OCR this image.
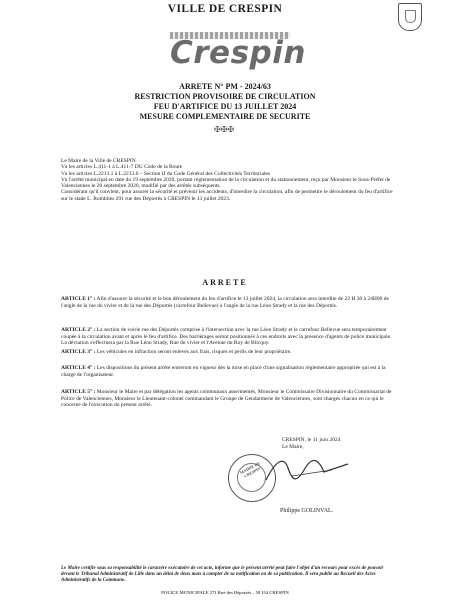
VILLE DE CRESPIN
Crespin
ARRETE N° PM - 2024/63
RESTRICTION PROVISOIRE DE CIRCULATION
FEU D'ARTIFICE DU 13 JUILLET 2024
MESURE COMPLEMENTAIRE DE SECURITE
✠✠✠

Le Maire de la Ville de CRESPIN

Vu les articles L.411-1 à L.411-7 DU Code de la Route

Vu les articles L.2213.1 à L.2213.6 – Section II du Code Général des Collectivités Territoriales

Vu l'arrêté municipal en date du 19 septembre 2020, portant réglementation de la circulation et du stationnement, reçu par Monsieur le Sous-Préfet de Valenciennes le 20 septembre 2020, modifié par des arrêtés subséquents.

Considérant qu'il convient, pour assurer la sécurité et prévenir les accidents, d'interdire la circulation, afin de permettre le déroulement du feu d'artifice sur le stade L. Romblies 291 rue des Déportés à CRESPIN le 13 juillet 2023.

ARRETE
ARTICLE 1° : Afin d'assurer la sécurité et le bon déroulement du feu d'artifice le 13 juillet 2024, la circulation sera interdite de 22 H 30 à 24H00 de l'angle de la rue du vivier et de la rue des Déportés (carrefour Bellevue) à l'angle de la rue Léon Strady et la rue des Déportés.
ARTICLE 2° : La section de voirie rue des Déportés comprise à l'intersection avec la rue Léon Strady et le carrefour Bellevue sera temporairement coupée à la circulation avant et après le feu d'artifice. Des barrièrages seront positionnés à ces endroits avec la présence d'agents de police municipale. La déviation s'effectuera par la Rue Léon Strady, Rue du vivier et l'Avenue du Roy de Blicquy.
ARTICLE 3° : Les véhicules en infraction seront enlevés aux frais, risques et périls de leur propriétaire.
ARTICLE 4° : Les dispositions du présent arrêté entreront en vigueur dès la mise en place d'une signalisation réglementaire appropriée qui est à la charge de l'organisateur.
ARTICLE 5° : Monsieur le Maire et par délégation les agents communaux assermentés, Monsieur le Commissaire Divisionnaire du Commissariat de Police de Valenciennes, Monsieur le Lieutenant-colonel commandant le Groupe de Gendarmerie de Valenciennes, sont chargés chacun en ce qui le concerne de l'exécution du présent arrêté.
CRESPIN, le 11 juin 2024
Le Maire,
MAIRIE DE CRESPIN
Philippe GOLINVAL.
Le Maire certifie sous sa responsabilité le caractère exécutoire de cet acte, informe que le présent arrêté peut faire l'objet d'un recours pour excès de pouvoir devant le Tribunal Administratif de Lille dans un délai de deux mois à compter de sa notification ou de sa publication. Il sera publié au Recueil des Actes Administratifs de la Commune.
POLICE MUNICIPALE 271 Rue des Déportés – 59 154 CRESPIN
